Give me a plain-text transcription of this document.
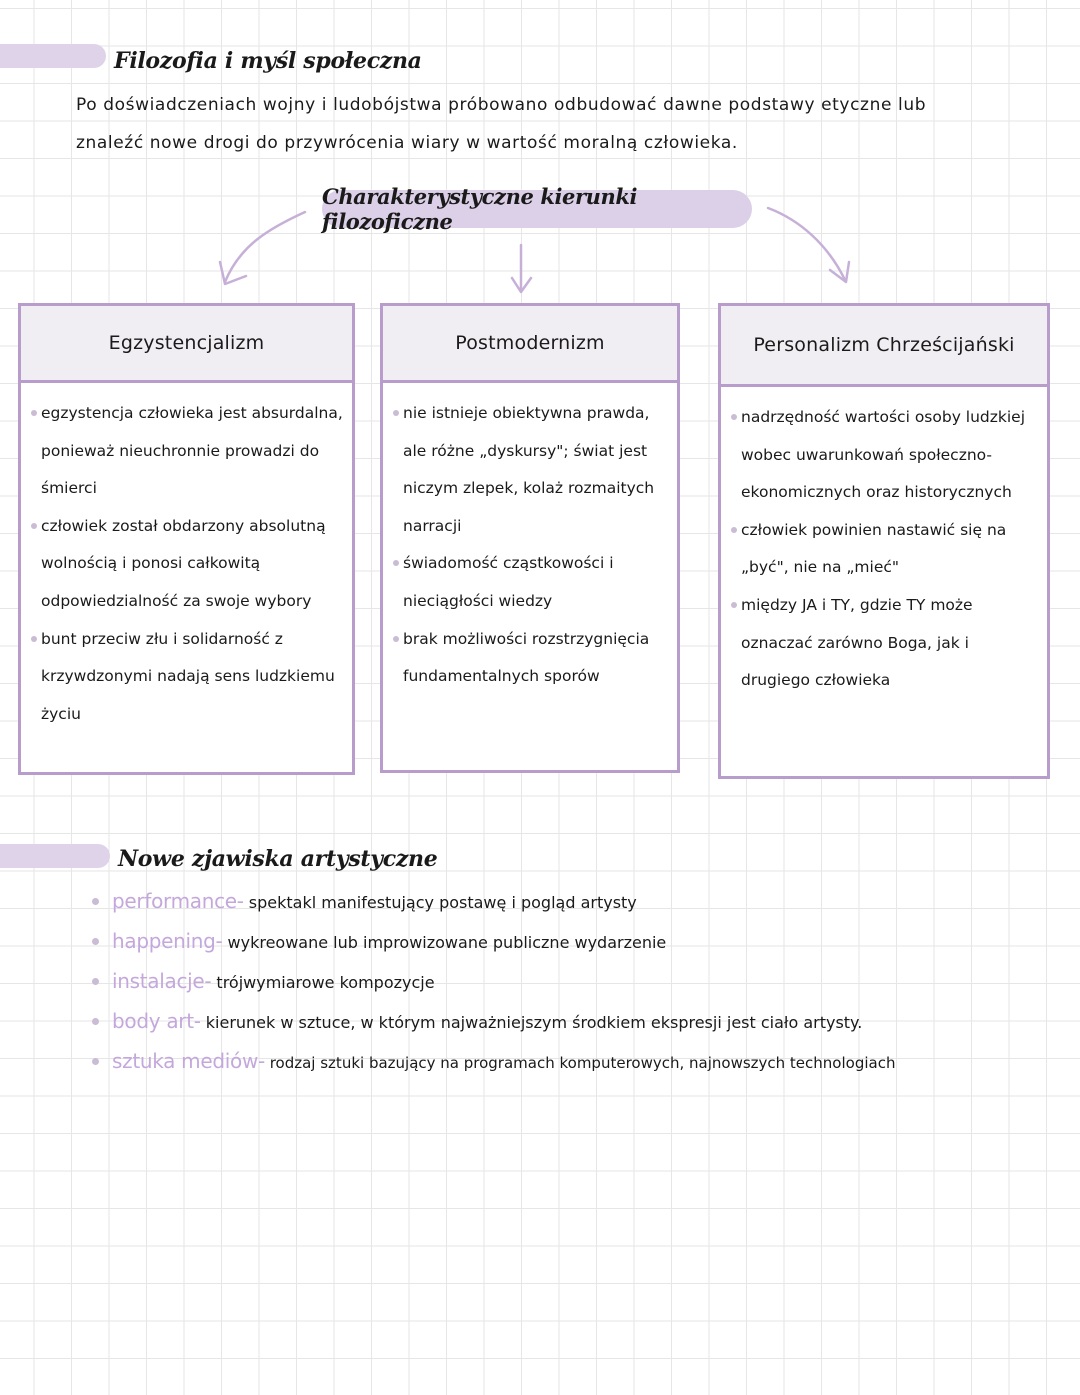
Filozofia i myśl społeczna
Po doświadczeniach wojny i ludobójstwa próbowano odbudować dawne podstawy etyczne lub znaleźć nowe drogi do przywrócenia wiary w wartość moralną człowieka.
Charakterystyczne kierunki filozoficzne
Egzystencjalizm

egzystencja człowieka jest absurdalna, ponieważ nieuchronnie prowadzi do śmierci

człowiek został obdarzony absolutną wolnością i ponosi całkowitą odpowiedzialność za swoje wybory

bunt przeciw złu i solidarność z krzywdzonymi nadają sens ludzkiemu życiu

Postmodernizm

nie istnieje obiektywna prawda, ale różne „dyskursy"; świat jest niczym zlepek, kolaż rozmaitych narracji

świadomość cząstkowości i nieciągłości wiedzy

brak możliwości rozstrzygnięcia fundamentalnych sporów

Personalizm Chrześcijański

nadrzędność wartości osoby ludzkiej wobec uwarunkowań społeczno-ekonomicznych oraz historycznych

człowiek powinien nastawić się na „być", nie na „mieć"

między JA i TY, gdzie TY może oznaczać zarówno Boga, jak i drugiego człowieka

Nowe zjawiska artystyczne
performance- spektakl manifestujący postawę i pogląd artysty
happening- wykreowane lub improwizowane publiczne wydarzenie
instalacje- trójwymiarowe kompozycje
body art- kierunek w sztuce, w którym najważniejszym środkiem ekspresji jest ciało artysty.
sztuka mediów- rodzaj sztuki bazujący na programach komputerowych, najnowszych technologiach
